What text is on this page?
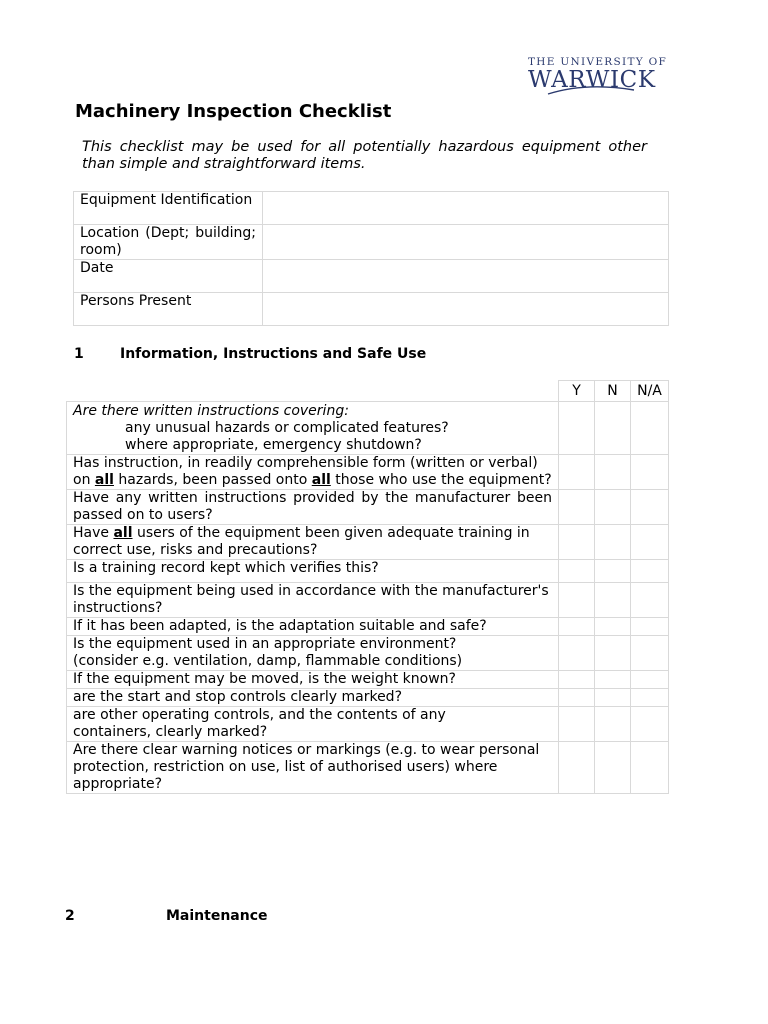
THE UNIVERSITY OF
WARWICK
Machinery Inspection Checklist

This checklist may be used for all potentially hazardous equipment other than simple and straightforward items.

Equipment Identification	
Location (Dept; building; room)	
Date	
Persons Present	
1	Information, Instructions and Safe Use
	Y	N	N/A
Are there written instructions covering:
any unusual hazards or complicated features?
where appropriate, emergency shutdown?			

Has instruction, in readily comprehensible form (written or verbal) on all hazards, been passed onto all those who use the equipment?			
Have any written instructions provided by the manufacturer been passed on to users?			
Have all users of the equipment been given adequate training in correct use, risks and precautions?			
Is a training record kept which verifies this?			
Is the equipment being used in accordance with the manufacturer's instructions?			
If it has been adapted, is the adaptation suitable and safe?			

Is the equipment used in an appropriate environment?
(consider e.g. ventilation, damp, flammable conditions)			

If the equipment may be moved, is the weight known?			
are the start and stop controls clearly marked?			
are other operating controls, and the contents of any containers, clearly marked?			
Are there clear warning notices or markings (e.g. to wear personal protection, restriction on use, list of authorised users) where appropriate?			
2	Maintenance
